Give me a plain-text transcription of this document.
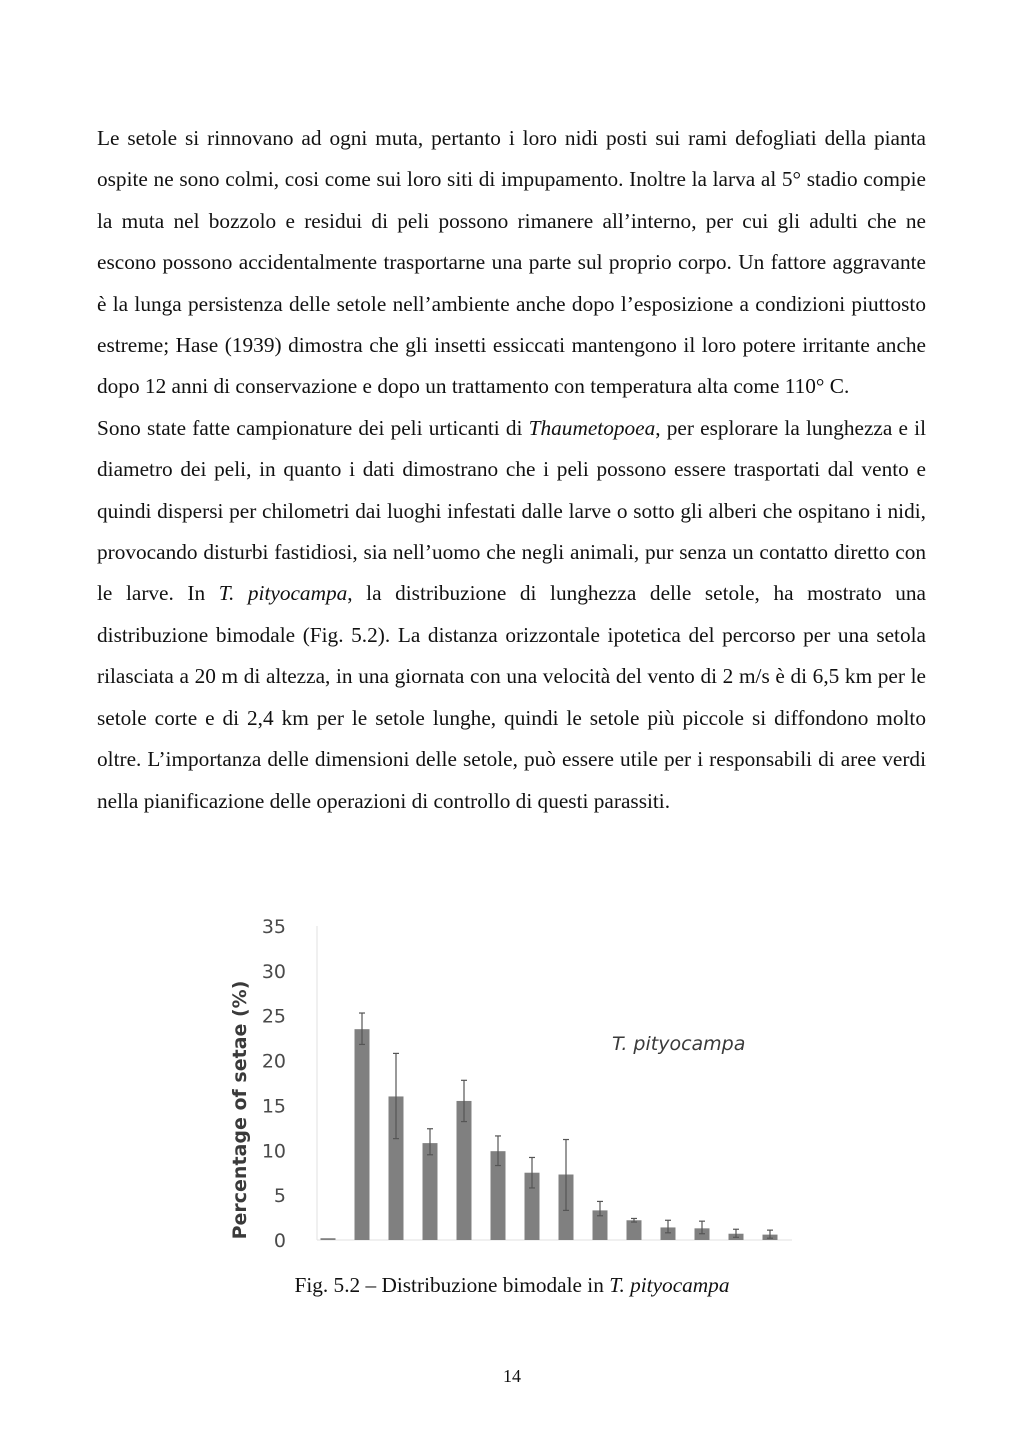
Le setole si rinnovano ad ogni muta, pertanto i loro nidi posti sui rami defogliati della pianta ospite ne sono colmi, cosi come sui loro siti di impupamento. Inoltre la larva al 5° stadio compie la muta nel bozzolo e residui di peli possono rimanere all’interno, per cui gli adulti che ne escono possono accidentalmente trasportarne una parte sul proprio corpo. Un fattore aggravante è la lunga persistenza delle setole nell’ambiente anche dopo l’esposizione a condizioni piuttosto estreme; Hase (1939) dimostra che gli insetti essiccati mantengono il loro potere irritante anche dopo 12 anni di conservazione e dopo un trattamento con temperatura alta come 110° C.

Sono state fatte campionature dei peli urticanti di Thaumetopoea, per esplorare la lunghezza e il diametro dei peli, in quanto i dati dimostrano che i peli possono essere trasportati dal vento e quindi dispersi per chilometri dai luoghi infestati dalle larve o sotto gli alberi che ospitano i nidi, provocando disturbi fastidiosi, sia nell’uomo che negli animali, pur senza un contatto diretto con le larve. In T. pityocampa, la distribuzione di lunghezza delle setole, ha mostrato una distribuzione bimodale (Fig. 5.2). La distanza orizzontale ipotetica del percorso per una setola rilasciata a 20 m di altezza, in una giornata con una velocità del vento di 2 m/s è di 6,5 km per le setole corte e di 2,4 km per le setole lunghe, quindi le setole più piccole si diffondono molto oltre. L’importanza delle dimensioni delle setole, può essere utile per i responsabili di aree verdi nella pianificazione delle operazioni di controllo di questi parassiti.

0
5
10
15
20
25
30
35
Percentage of setae (%)	T. pityocampa
Fig. 5.2 – Distribuzione bimodale in T. pityocampa
14
